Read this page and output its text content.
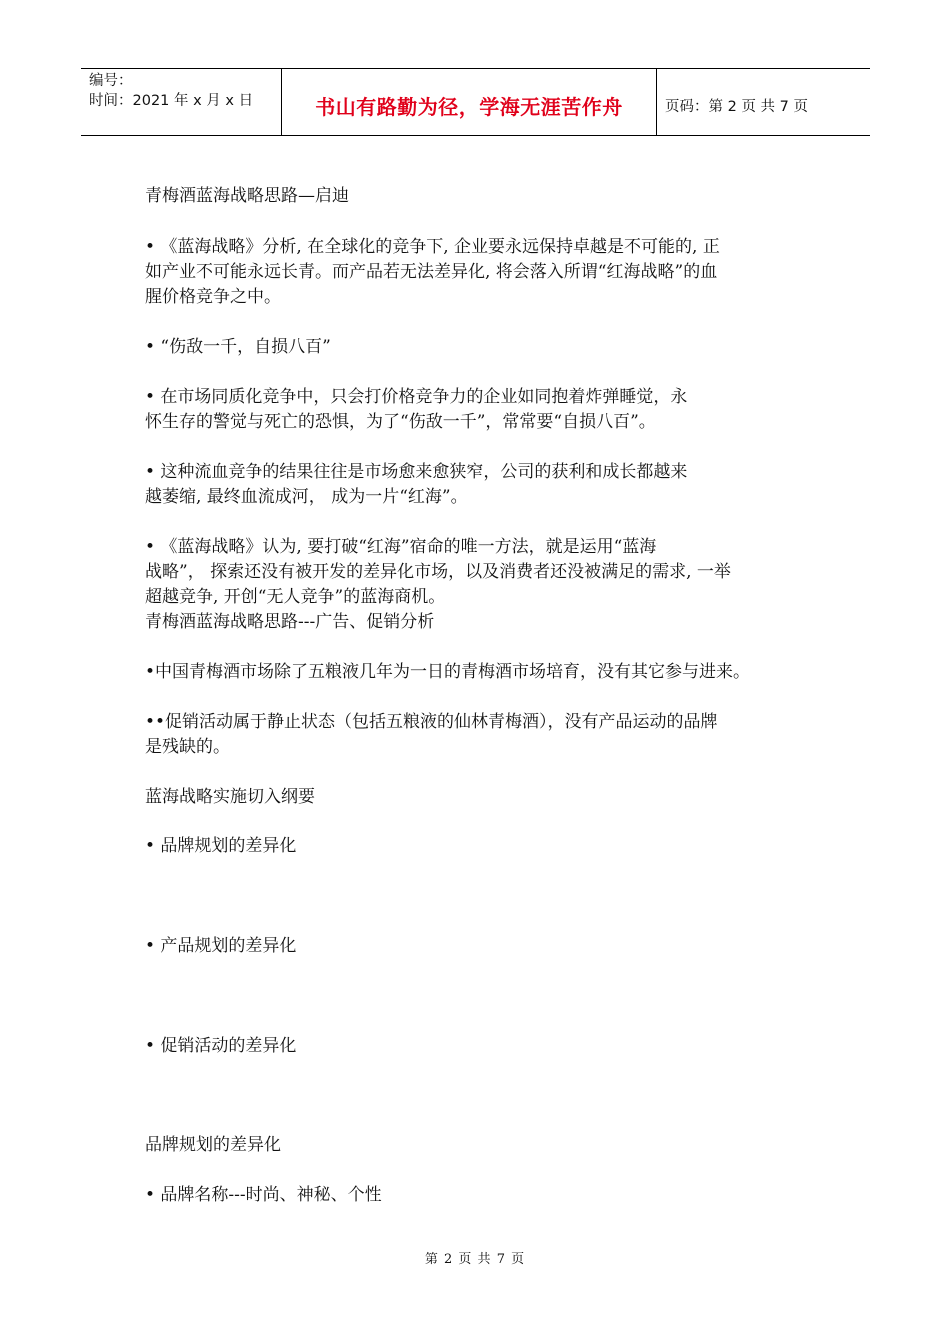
编号：
时间：2021 年 x 月 x 日	书山有路勤为径，学海无涯苦作舟	页码：第 2 页 共 7 页
青梅酒蓝海战略思路—启迪
• 《蓝海战略》分析, 在全球化的竞争下, 企业要永远保持卓越是不可能的, 正
如产业不可能永远长青。而产品若无法差异化, 将会落入所谓“红海战略”的血
腥价格竞争之中。
• “伤敌一千，自损八百”
• 在市场同质化竞争中，只会打价格竞争力的企业如同抱着炸弹睡觉，永
怀生存的警觉与死亡的恐惧，为了“伤敌一千”，常常要“自损八百”。
• 这种流血竞争的结果往往是市场愈来愈狭窄，公司的获利和成长都越来
越萎缩, 最终血流成河， 成为一片“红海”。
• 《蓝海战略》认为, 要打破“红海”宿命的唯一方法，就是运用“蓝海
战略”， 探索还没有被开发的差异化市场，以及消费者还没被满足的需求, 一举
超越竞争, 开创“无人竞争”的蓝海商机。
青梅酒蓝海战略思路---广告、促销分析
•中国青梅酒市场除了五粮液几年为一日的青梅酒市场培育，没有其它参与进来。
••促销活动属于静止状态（包括五粮液的仙林青梅酒），没有产品运动的品牌
是残缺的。
蓝海战略实施切入纲要
• 品牌规划的差异化
• 产品规划的差异化
• 促销活动的差异化
品牌规划的差异化
• 品牌名称---时尚、神秘、个性
第 2 页 共 7 页
